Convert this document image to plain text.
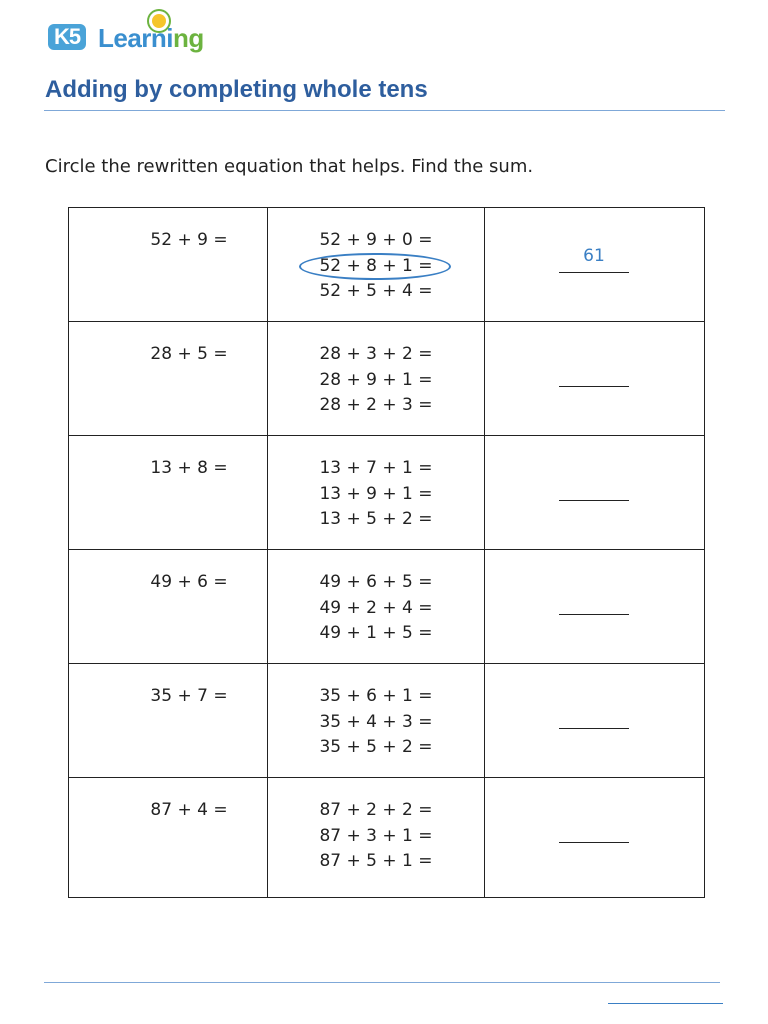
K5 Learning
Adding by completing whole tens
Circle the rewritten equation that helps. Find the sum.
52 + 9 =	52 + 9 + 0 =
52 + 8 + 1 =
52 + 5 + 4 =	61

28 + 5 =	28 + 3 + 2 =
28 + 9 + 1 =
28 + 2 + 3 =	

13 + 8 =	13 + 7 + 1 =
13 + 9 + 1 =
13 + 5 + 2 =	

49 + 6 =	49 + 6 + 5 =
49 + 2 + 4 =
49 + 1 + 5 =	

35 + 7 =	35 + 6 + 1 =
35 + 4 + 3 =
35 + 5 + 2 =	

87 + 4 =	87 + 2 + 2 =
87 + 3 + 1 =
87 + 5 + 1 =	
